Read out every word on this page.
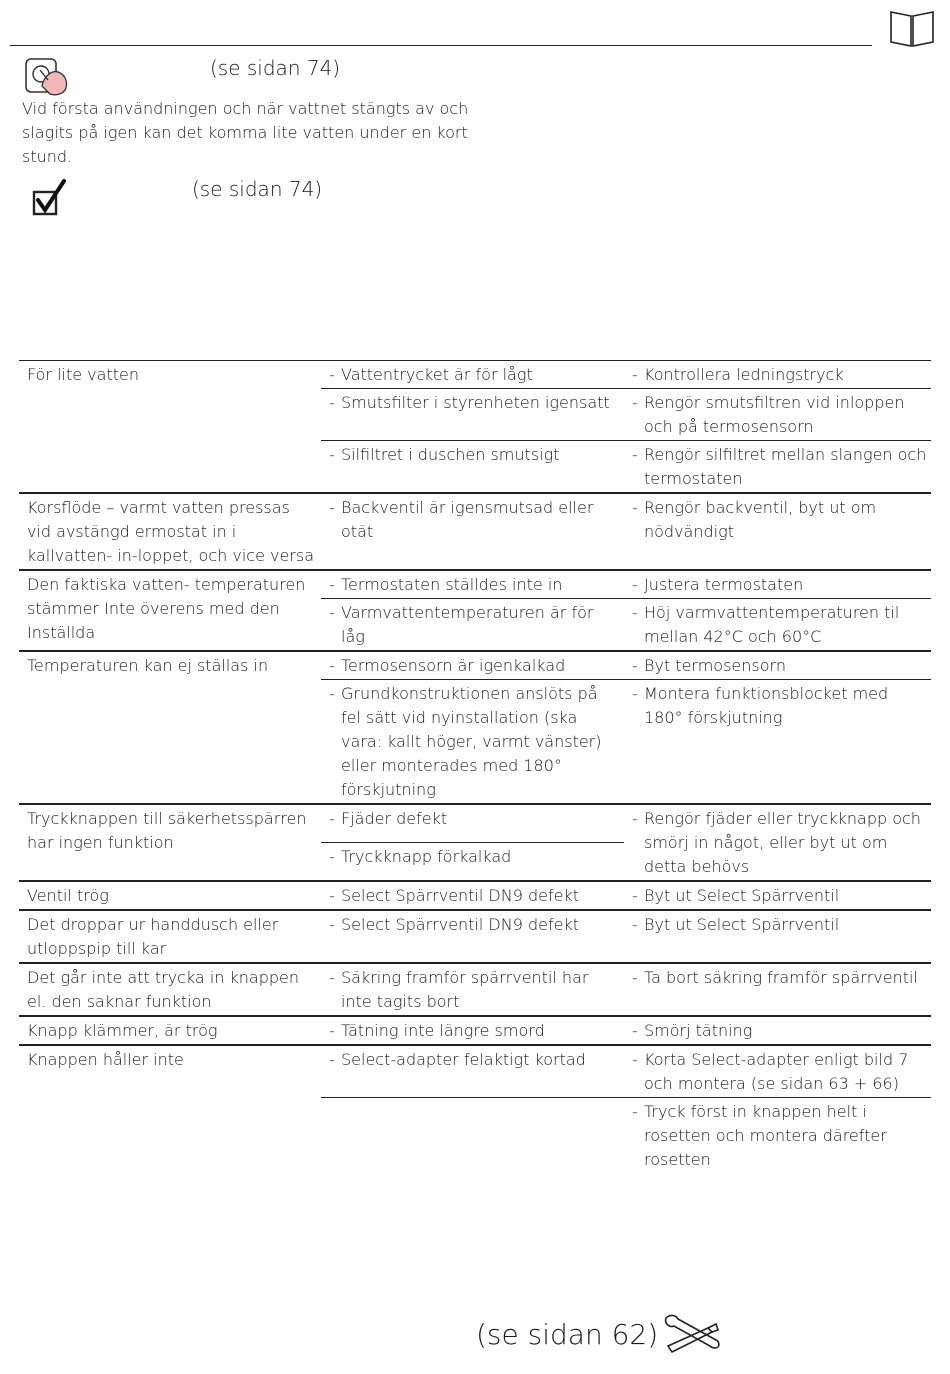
(se sidan 74)
Vid första användningen och när vattnet stängts av och slagits på igen kan det komma lite vatten under en kort stund.
(se sidan 74)
För lite vatten	- Vattentrycket är för lågt	- Kontrollera ledningstryck

	- Smutsfilter i styrenheten igensatt	- Rengör smutsfiltren vid inloppen och på termosensorn

	- Silfiltret i duschen smutsigt	- Rengör silfiltret mellan slangen och termostaten

Korsflöde – varmt vatten pressas vid avstängd ermostat in i kallvatten- in-loppet, och vice versa	- Backventil är igensmutsad eller otät	- Rengör backventil, byt ut om nödvändigt

Den faktiska vatten- temperaturen stämmer Inte överens med den Inställda	- Termostaten ställdes inte in	- Justera termostaten

	- Varmvattentemperaturen är för låg	- Höj varmvattentemperaturen til mellan 42°C och 60°C

Temperaturen kan ej ställas in	- Termosensorn är igenkalkad	- Byt termosensorn

	- Grundkonstruktionen anslöts på fel sätt vid nyinstallation (ska vara: kallt höger, varmt vänster) eller monterades med 180° förskjutning	- Montera funktionsblocket med 180° förskjutning

Tryckknappen till säkerhetsspärren har ingen funktion	- Fjäder defekt	- Rengör fjäder eller tryckknapp och smörj in något, eller byt ut om detta behövs

	- Tryckknapp förkalkad	

Ventil trög	- Select Spärrventil DN9 defekt	- Byt ut Select Spärrventil

Det droppar ur handdusch eller utloppspip till kar	- Select Spärrventil DN9 defekt	- Byt ut Select Spärrventil

Det går inte att trycka in knappen el. den saknar funktion	- Säkring framför spärrventil har inte tagits bort	- Ta bort säkring framför spärrventil

Knapp klämmer, är trög	- Tätning inte längre smord	- Smörj tätning

Knappen håller inte	- Select-adapter felaktigt kortad	- Korta Select-adapter enligt bild 7 och montera (se sidan 63 + 66)

		- Tryck först in knappen helt i rosetten och montera därefter rosetten
(se sidan 62)
